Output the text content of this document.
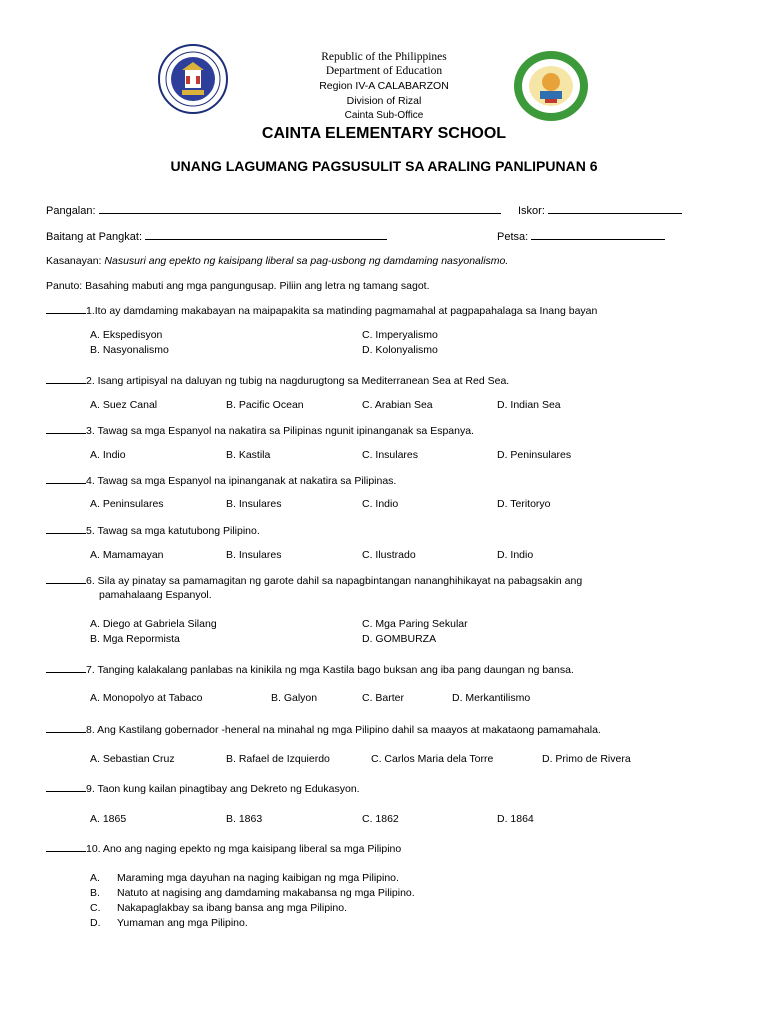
Republic of the Philippines
Department of Education
Region IV-A CALABARZON
Division of Rizal
Cainta Sub-Office
CAINTA ELEMENTARY SCHOOL
UNANG LAGUMANG PAGSUSULIT SA ARALING PANLIPUNAN 6
Pangalan:	Iskor:
Baitang at Pangkat:	Petsa:
Kasanayan: Nasusuri ang epekto ng kaisipang liberal sa pag-usbong ng damdaming nasyonalismo.
Panuto: Basahing mabuti ang mga pangungusap. Piliin ang letra ng tamang sagot.
1.Ito ay damdaming makabayan na maipapakita sa matinding pagmamahal at pagpapahalaga sa Inang bayan
A. Ekspedisyon
B. Nasyonalismo
C. Imperyalismo
D. Kolonyalismo
2. Isang artipisyal na daluyan ng tubig na nagdurugtong sa Mediterranean Sea at Red Sea.
A. Suez Canal	B. Pacific Ocean	C. Arabian Sea	D. Indian Sea
3. Tawag sa mga Espanyol na nakatira sa Pilipinas ngunit ipinanganak sa Espanya.
A. Indio	B. Kastila	C. Insulares	D. Peninsulares
4. Tawag sa mga Espanyol na ipinanganak at nakatira sa Pilipinas.
A. Peninsulares	B. Insulares	C. Indio	D. Teritoryo
5. Tawag sa mga katutubong Pilipino.
A. Mamamayan	B. Insulares	C. Ilustrado	D. Indio
6. Sila ay pinatay sa pamamagitan ng garote dahil sa napagbintangan nananghihikayat na pabagsakin ang
pamahalaang Espanyol.
A. Diego at Gabriela Silang
B. Mga Repormista
C. Mga Paring Sekular
D. GOMBURZA
7. Tanging kalakalang panlabas na kinikila ng mga Kastila bago buksan ang iba pang daungan ng bansa.
A. Monopolyo at Tabaco	B. Galyon	C. Barter	D. Merkantilismo
8. Ang Kastilang gobernador -heneral na minahal ng mga Pilipino dahil sa maayos at makataong pamamahala.
A. Sebastian Cruz	B. Rafael de Izquierdo	C. Carlos Maria dela Torre	D. Primo de Rivera
9. Taon kung kailan pinagtibay ang Dekreto ng Edukasyon.
A. 1865	B. 1863	C. 1862	D. 1864
10. Ano ang naging epekto ng mga kaisipang liberal sa mga Pilipino
A. Maraming mga dayuhan na naging kaibigan ng mga Pilipino.
B. Natuto at nagising ang damdaming makabansa ng mga Pilipino.
C. Nakapaglakbay sa ibang bansa ang mga Pilipino.
D. Yumaman ang mga Pilipino.
